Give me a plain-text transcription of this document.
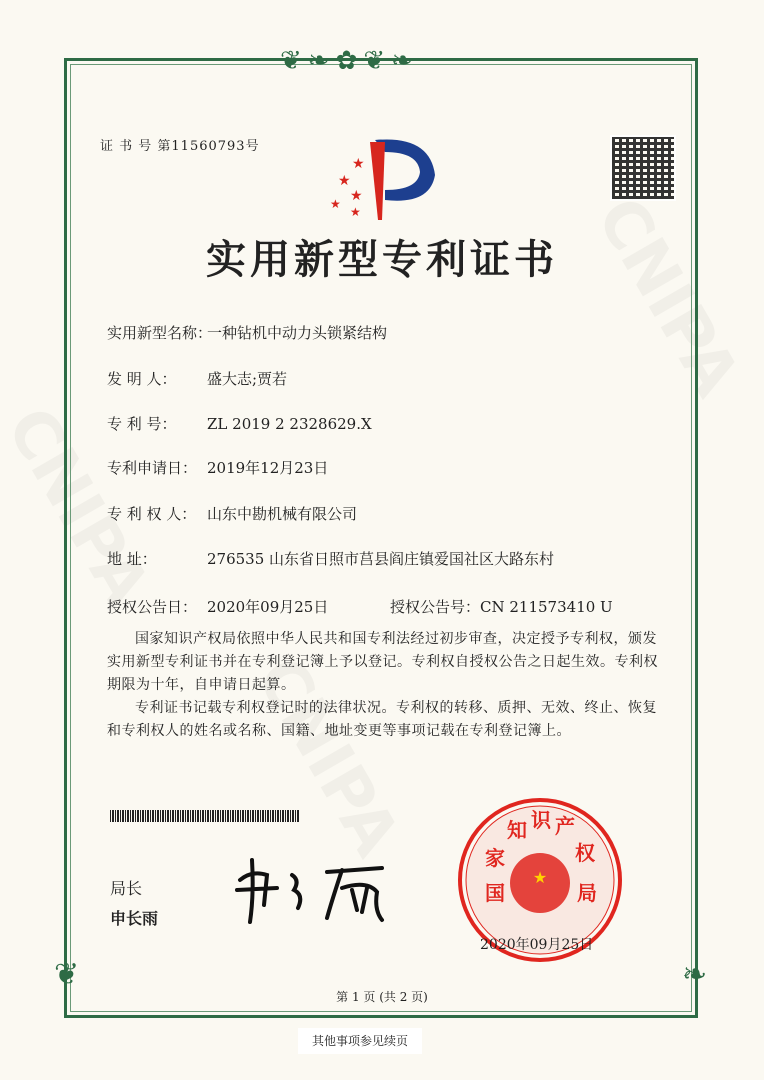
❦❧✿❦❧
❦	❧
证 书 号 第11560793号
★
★
★
★
★
实用新型专利证书
实用新型名称：一种钻机中动力头锁紧结构
发 明 人： 盛大志;贾若
专 利 号： ZL 2019 2 2328629.X
专利申请日： 2019年12月23日
专 利 权 人： 山东中勘机械有限公司
地 址：	276535 山东省日照市莒县阎庄镇爱国社区大路东村
授权公告日： 2020年09月25日	授权公告号：CN 211573410 U
国家知识产权局依照中华人民共和国专利法经过初步审查，决定授予专利权，颁发实用新型专利证书并在专利登记簿上予以登记。专利权自授权公告之日起生效。专利权期限为十年，自申请日起算。
专利证书记载专利权登记时的法律状况。专利权的转移、质押、无效、终止、恢复和专利权人的姓名或名称、国籍、地址变更等事项记载在专利登记簿上。
局长
申长雨
★
国
家
知 识 产
权
局
2020年09月25日
第 1 页 (共 2 页)
其他事项参见续页
